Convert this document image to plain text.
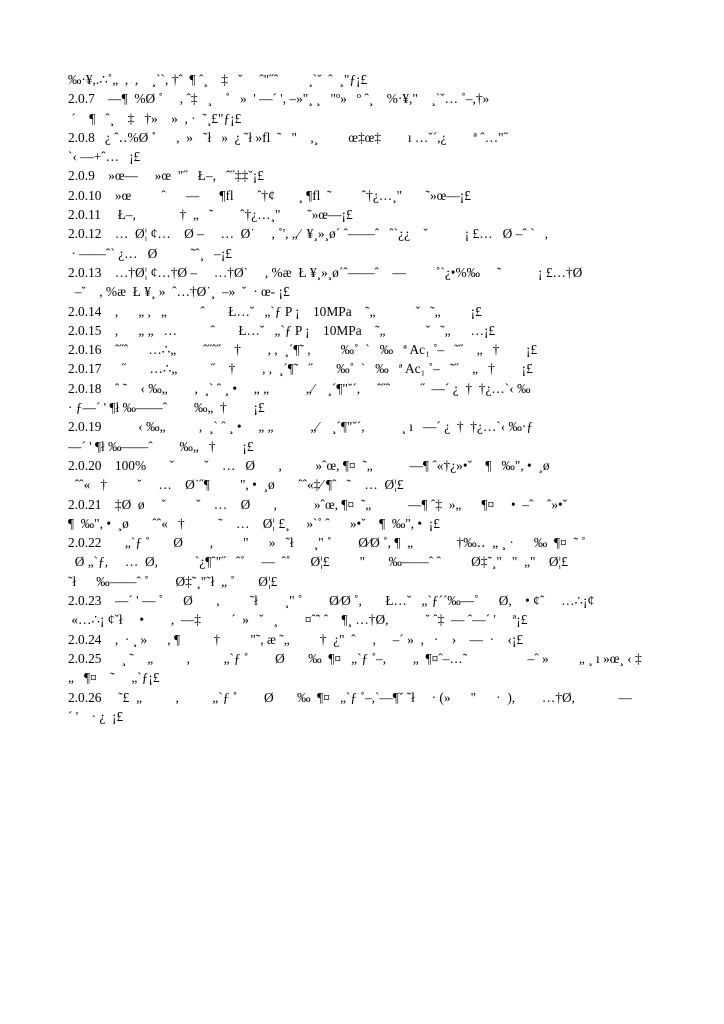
‰·¥,.∴˚„  ,  ,    ¸ˋˋ, †ˆ  ¶ ˆ¸    ‡   ˇ     ˆ"˝ˆ         ¸ˋˇ  ˆ  ¸"ƒ¡£
2.0.7    —¶  %Ø ˚     , ˆ‡   ¸    ˚   »  ' —´ ', –»"¸ ¸   "º»   º ˆ¸    %·¥,"    ¸ˋˇ… ˚–,†»
´    ¶   ˆ¸    ‡   †»    »  , ·  ˜¸£"ƒ¡£
2.0.8   ¿ ˆ‥%Ø ˚      ,  »   ˜ł   »  ¿ ˜ł »fl  ˜   "    ,¸         œ‡œ‡        ı …ˇ´,¿        ª ˆ…"˝
ˋ‹ —+ˆ…   ¡£
2.0.9    »œ—     »œ  "˝   Ł–,   ˆ˝‡‡ˇ¡£
2.0.10    »œ         ˆ      —      ¶fl       ˆ†¢       ¸ ¶fl  ˜         ˆ†¿…¸"       ˜»œ—¡£
2.0.11     Ł–,             †  „   ˜        ˆ†¿…¸"        ˜»œ—¡£
2.0.12    …  Ø¦ ¢…    Ø –     …  Ø˙     , ˚', „⁄  ¥¸»¸ø´ ˆ——ˆ   ˆˋ¿¿    ˇ           ¡ £…   Ø –ˆ ˋ   ,
· ——ˆˋ ¿…   Ø          ˜ˆ¸   –¡£
2.0.13    …†Ø¦ ¢…†Ø –     …†Ø˙     , %æ  Ł ¥¸»¸ø´ˆ——ˆ    —         ˚ˋ¿•%‰     ˜           ¡ £…†Ø
–ˇ    , %æ  Ł ¥¸ »  ˆ…†Ø˙¸  –»  ˇ  · œ- ¡£
2.0.14    ,      „ ,   „          ˆ       Ł…˘   „ˋƒ P ¡    10MPa    ˜„            ˇ   ˜„         ¡£
2.0.15    ,      „ „   …          ˆ       Ł…˘   „ˋƒ P ¡    10MPa    ˜„            ˇ   ˜„      …¡£
2.0.16    ˆ˝ˆ      …∴„        ˆ˝ˆ˝    †        , ,  ¸´¶˜ ,         ‰˚  ˋ   ‰   ª Ac₁ ˚–   ˜˝    „   †        ¡£
2.0.17      ˝       …∴„          ˝    †        , ,  ¸´¶˜   ˝       ‰˚  ˋ   ‰   ª Ac₁ ˚–   ˜˝    „   †        ¡£
2.0.18    ˆ ˜    ‹ ‰„        ,  ¸ˋ ˆ ¸ •     „ „           „⁄    ¸´¶"ˇ´,     ˆ˝ˆ         ˝  —´ ¿  †  †¿…ˋ‹ ‰
· ƒ—´ ' ¶ł ‰——ˆ        ‰„  †        ¡£
2.0.19           ‹ ‰„          ,  ¸ˋ ˆ ¸ •     „ „           „⁄    ¸´¶"ˇ´,           ¸ ı   —´ ¿  †  †¿…ˋ‹ ‰·ƒ
—´ ' ¶ł ‰——ˆ        ‰„   †        ¡£
2.0.20    100%       ˇ         ˇ    …   Ø       ,          »ˆœ, ¶¤  ˜„           —¶ ˆ«†¿»•ˇ    ¶   ‰", •  ¸ø
ˆˆ«   †         ˇ     …    Ø˙˝¶         ", •  ¸ø       ˆˆ«‡⁄ ¶ˆ   ˜    …  Ø¦£
2.0.21    ‡Ø  ø     ˇ         ˇ    …    Ø       ,           »ˆœ, ¶¤  ˜„           —¶ ˆ‡  »„      ¶¤     •  –ˆ    ˆ»•ˇ
¶  ‰", •  ¸ø       ˆˆ«   †          ˜    …    Ø¦ £¸     »ˋ˚ ˆ      »•ˇ    ¶  ‰", •  ¡£
2.0.22       „ˋƒ ˚       Ø        ,         "      »   ˜ł      ¸" ˚        Ø⁄Ø ˚, ¶  „             †‰‥  „ ¸ ·      ‰  ¶¤  ˜ ˚
Ø „ˋƒ,     …  Ø,           ˋ¿¶ˆ"˝   ˆ˚     —  ˆ˚      Ø¦£         "       ‰——ˆ ˆ         Ø‡˜¸"   "  „"    Ø¦£
˜ł      ‰——ˆ ˚        Ø‡˜¸"˜ł  „ ˚       Ø¦£
2.0.23    —´ ' — ˚      Ø       ,         ˜ł        ¸" ˚        Ø⁄Ø ˚,       Ł…˘   „ˋƒ´´‰—˚      Ø,    • ¢ˆ     …∴¡¢
«…∴¡ ¢ˇł     •        ,  —‡         ´  »   ˇ   ¸        ¤ˆ˜ ˆ    ¶¸ …†Ø,           ˇ ˆ‡  — ˆ—´ '     ª¡£
2.0.24    ,  · ¸ »      , ¶          †         "˜, æ ˜„         †  ¿"  ˆ     ,     –´ »  ,   ·    ›    —  ·    ‹¡£
2.0.25      ¸ ˜    „          ,          „ˋƒ ˚        Ø       ‰  ¶¤   „ˋƒ ˚–,        „  ¶¤ˆ–…˜                  –ˆ »         „ ¸ ı »œ¸ ‹ ‡
„   ¶¤    ˜     „ˋƒ¡£
2.0.26     ˜£  „          ,          „ˋƒ ˚        Ø       ‰  ¶¤   „ˋƒ ˚–,ˋ—¶ˇ ˜ł     · (»      "      ·  ),        …†Ø,             —
´ '    · ¿  ¡£
